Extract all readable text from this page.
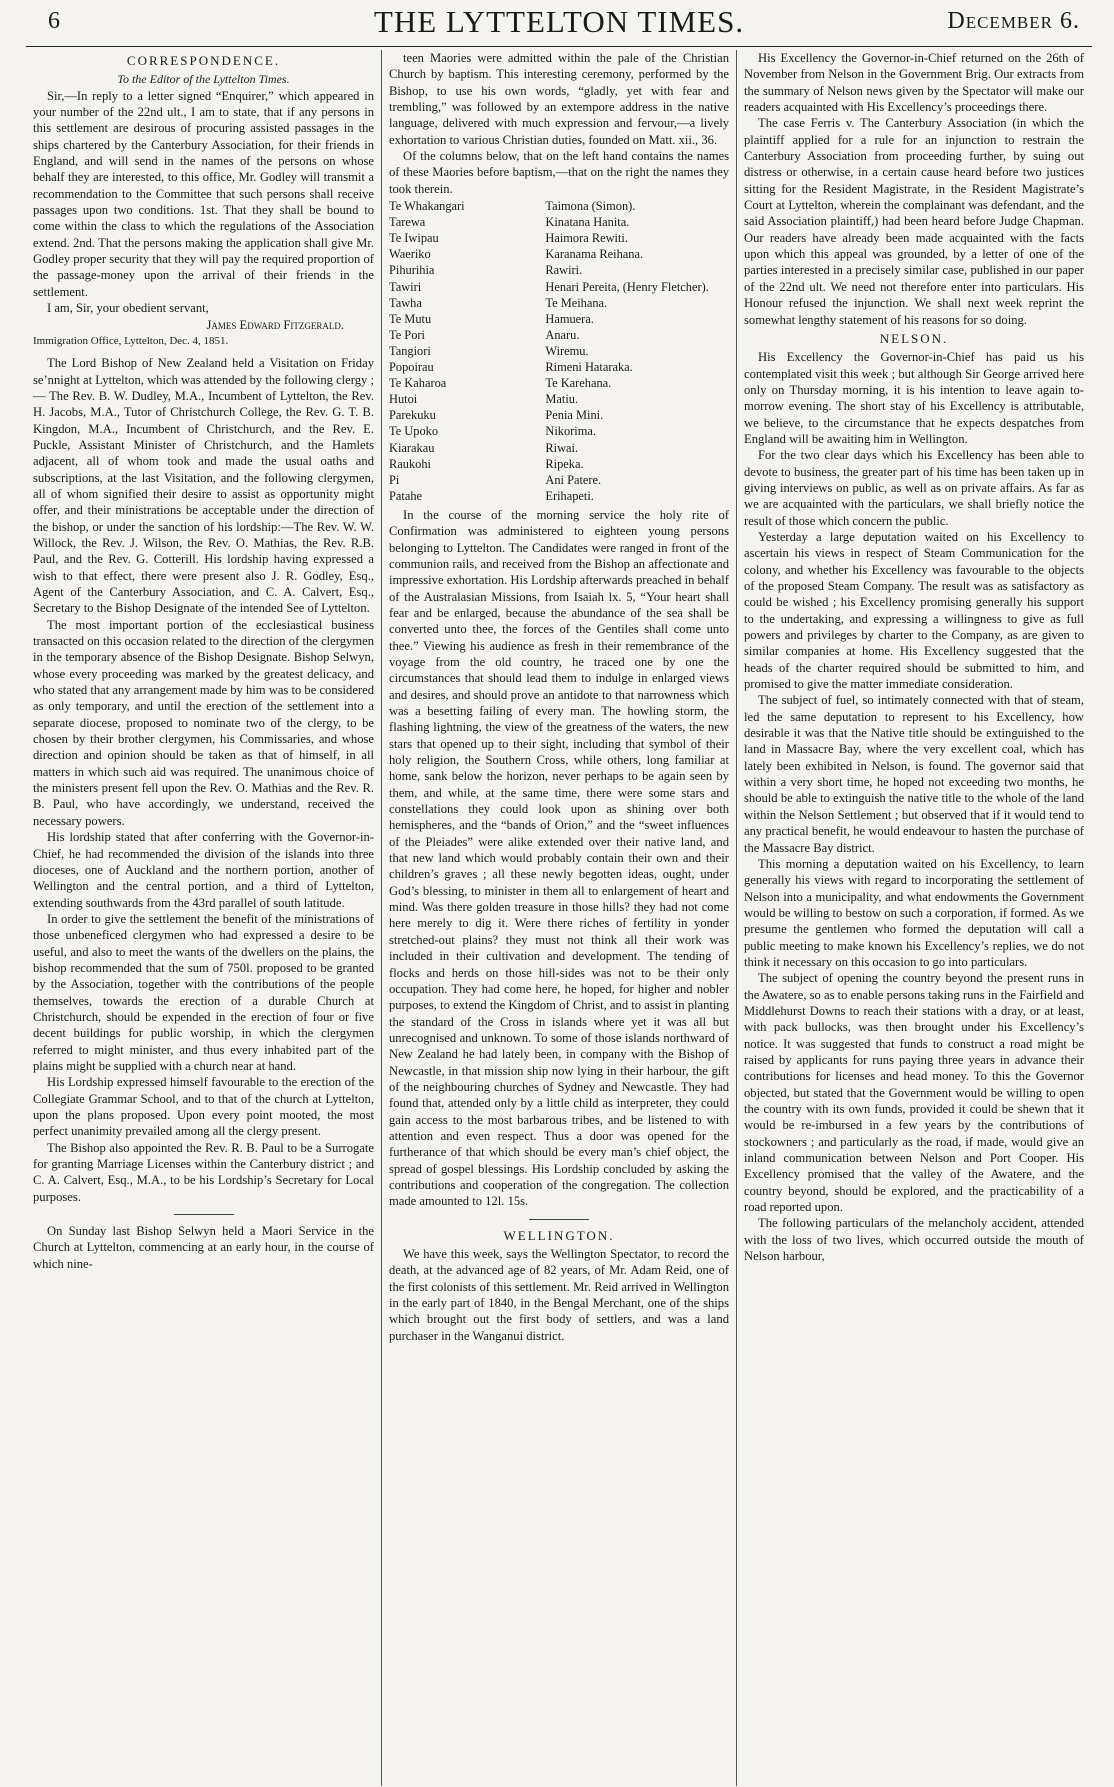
6	THE LYTTELTON TIMES.	December 6.
CORRESPONDENCE.
To the Editor of the Lyttelton Times.

Sir,—In reply to a letter signed “Enquirer,” which appeared in your number of the 22nd ult., I am to state, that if any persons in this settlement are desirous of procuring assisted passages in the ships chartered by the Canterbury Association, for their friends in England, and will send in the names of the persons on whose behalf they are interested, to this office, Mr. Godley will transmit a recommendation to the Committee that such persons shall receive passages upon two conditions. 1st. That they shall be bound to come within the class to which the regulations of the Association extend. 2nd. That the persons making the application shall give Mr. Godley proper security that they will pay the required proportion of the passage-money upon the arrival of their friends in the settlement.

I am, Sir, your obedient servant,

James Edward Fitzgerald.

Immigration Office, Lyttelton, Dec. 4, 1851.

The Lord Bishop of New Zealand held a Visitation on Friday se’nnight at Lyttelton, which was attended by the following clergy ;— The Rev. B. W. Dudley, M.A., Incumbent of Lyttelton, the Rev. H. Jacobs, M.A., Tutor of Christchurch College, the Rev. G. T. B. Kingdon, M.A., Incumbent of Christchurch, and the Rev. E. Puckle, Assistant Minister of Christchurch, and the Hamlets adjacent, all of whom took and made the usual oaths and subscriptions, at the last Visitation, and the following clergymen, all of whom signified their desire to assist as opportunity might offer, and their ministrations be acceptable under the direction of the bishop, or under the sanction of his lordship:—The Rev. W. W. Willock, the Rev. J. Wilson, the Rev. O. Mathias, the Rev. R.B. Paul, and the Rev. G. Cotterill. His lordship having expressed a wish to that effect, there were present also J. R. Godley, Esq., Agent of the Canterbury Association, and C. A. Calvert, Esq., Secretary to the Bishop Designate of the intended See of Lyttelton.

The most important portion of the ecclesiastical business transacted on this occasion related to the direction of the clergymen in the temporary absence of the Bishop Designate. Bishop Selwyn, whose every proceeding was marked by the greatest delicacy, and who stated that any arrangement made by him was to be considered as only temporary, and until the erection of the settlement into a separate diocese, proposed to nominate two of the clergy, to be chosen by their brother clergymen, his Commissaries, and whose direction and opinion should be taken as that of himself, in all matters in which such aid was required. The unanimous choice of the ministers present fell upon the Rev. O. Mathias and the Rev. R. B. Paul, who have accordingly, we understand, received the necessary powers.

His lordship stated that after conferring with the Governor-in-Chief, he had recommended the division of the islands into three dioceses, one of Auckland and the northern portion, another of Wellington and the central portion, and a third of Lyttelton, extending southwards from the 43rd parallel of south latitude.

In order to give the settlement the benefit of the ministrations of those unbeneficed clergymen who had expressed a desire to be useful, and also to meet the wants of the dwellers on the plains, the bishop recommended that the sum of 750l. proposed to be granted by the Association, together with the contributions of the people themselves, towards the erection of a durable Church at Christchurch, should be expended in the erection of four or five decent buildings for public worship, in which the clergymen referred to might minister, and thus every inhabited part of the plains might be supplied with a church near at hand.

His Lordship expressed himself favourable to the erection of the Collegiate Grammar School, and to that of the church at Lyttelton, upon the plans proposed. Upon every point mooted, the most perfect unanimity prevailed among all the clergy present.

The Bishop also appointed the Rev. R. B. Paul to be a Surrogate for granting Marriage Licenses within the Canterbury district ; and C. A. Calvert, Esq., M.A., to be his Lordship’s Secretary for Local purposes.

On Sunday last Bishop Selwyn held a Maori Service in the Church at Lyttelton, commencing at an early hour, in the course of which nine-

teen Maories were admitted within the pale of the Christian Church by baptism. This interesting ceremony, performed by the Bishop, to use his own words, “gladly, yet with fear and trembling,” was followed by an extempore address in the native language, delivered with much expression and fervour,—a lively exhortation to various Christian duties, founded on Matt. xii., 36.

Of the columns below, that on the left hand contains the names of these Maories before baptism,—that on the right the names they took therein.

Te Whakangari	Taimona (Simon).
Tarewa	Kinatana Hanita.
Te Iwipau	Haimora Rewiti.
Waeriko	Karanama Reihana.
Pihurihia	Rawiri.
Tawiri	Henari Pereita, (Henry Fletcher).
Tawha	Te Meihana.
Te Mutu	Hamuera.
Te Pori	Anaru.
Tangiori	Wiremu.
Popoirau	Rimeni Hataraka.
Te Kaharoa	Te Karehana.
Hutoi	Matiu.
Parekuku	Penia Mini.
Te Upoko	Nikorima.
Kiarakau	Riwai.
Raukohi	Ripeka.
Pi	Ani Patere.
Patahe	Erihapeti.

In the course of the morning service the holy rite of Confirmation was administered to eighteen young persons belonging to Lyttelton. The Candidates were ranged in front of the communion rails, and received from the Bishop an affectionate and impressive exhortation. His Lordship afterwards preached in behalf of the Australasian Missions, from Isaiah lx. 5, “Your heart shall fear and be enlarged, because the abundance of the sea shall be converted unto thee, the forces of the Gentiles shall come unto thee.” Viewing his audience as fresh in their remembrance of the voyage from the old country, he traced one by one the circumstances that should lead them to indulge in enlarged views and desires, and should prove an antidote to that narrowness which was a besetting failing of every man. The howling storm, the flashing lightning, the view of the greatness of the waters, the new stars that opened up to their sight, including that symbol of their holy religion, the Southern Cross, while others, long familiar at home, sank below the horizon, never perhaps to be again seen by them, and while, at the same time, there were some stars and constellations they could look upon as shining over both hemispheres, and the “bands of Orion,” and the “sweet influences of the Pleiades” were alike extended over their native land, and that new land which would probably contain their own and their children’s graves ; all these newly begotten ideas, ought, under God’s blessing, to minister in them all to enlargement of heart and mind. Was there golden treasure in those hills? they had not come here merely to dig it. Were there riches of fertility in yonder stretched-out plains? they must not think all their work was included in their cultivation and development. The tending of flocks and herds on those hill-sides was not to be their only occupation. They had come here, he hoped, for higher and nobler purposes, to extend the Kingdom of Christ, and to assist in planting the standard of the Cross in islands where yet it was all but unrecognised and unknown. To some of those islands northward of New Zealand he had lately been, in company with the Bishop of Newcastle, in that mission ship now lying in their harbour, the gift of the neighbouring churches of Sydney and Newcastle. They had found that, attended only by a little child as interpreter, they could gain access to the most barbarous tribes, and be listened to with attention and even respect. Thus a door was opened for the furtherance of that which should be every man’s chief object, the spread of gospel blessings. His Lordship concluded by asking the contributions and cooperation of the congregation. The collection made amounted to 12l. 15s.

WELLINGTON.

We have this week, says the Wellington Spectator, to record the death, at the advanced age of 82 years, of Mr. Adam Reid, one of the first colonists of this settlement. Mr. Reid arrived in Wellington in the early part of 1840, in the Bengal Merchant, one of the ships which brought out the first body of settlers, and was a land purchaser in the Wanganui district.

His Excellency the Governor-in-Chief returned on the 26th of November from Nelson in the Government Brig. Our extracts from the summary of Nelson news given by the Spectator will make our readers acquainted with His Excellency’s proceedings there.

The case Ferris v. The Canterbury Association (in which the plaintiff applied for a rule for an injunction to restrain the Canterbury Association from proceeding further, by suing out distress or otherwise, in a certain cause heard before two justices sitting for the Resident Magistrate, in the Resident Magistrate’s Court at Lyttelton, wherein the complainant was defendant, and the said Association plaintiff,) had been heard before Judge Chapman. Our readers have already been made acquainted with the facts upon which this appeal was grounded, by a letter of one of the parties interested in a precisely similar case, published in our paper of the 22nd ult. We need not therefore enter into particulars. His Honour refused the injunction. We shall next week reprint the somewhat lengthy statement of his reasons for so doing.

NELSON.

His Excellency the Governor-in-Chief has paid us his contemplated visit this week ; but although Sir George arrived here only on Thursday morning, it is his intention to leave again to-morrow evening. The short stay of his Excellency is attributable, we believe, to the circumstance that he expects despatches from England will be awaiting him in Wellington.

For the two clear days which his Excellency has been able to devote to business, the greater part of his time has been taken up in giving interviews on public, as well as on private affairs. As far as we are acquainted with the particulars, we shall briefly notice the result of those which concern the public.

Yesterday a large deputation waited on his Excellency to ascertain his views in respect of Steam Communication for the colony, and whether his Excellency was favourable to the objects of the proposed Steam Company. The result was as satisfactory as could be wished ; his Excellency promising generally his support to the undertaking, and expressing a willingness to give as full powers and privileges by charter to the Company, as are given to similar companies at home. His Excellency suggested that the heads of the charter required should be submitted to him, and promised to give the matter immediate consideration.

The subject of fuel, so intimately connected with that of steam, led the same deputation to represent to his Excellency, how desirable it was that the Native title should be extinguished to the land in Massacre Bay, where the very excellent coal, which has lately been exhibited in Nelson, is found. The governor said that within a very short time, he hoped not exceeding two months, he should be able to extinguish the native title to the whole of the land within the Nelson Settlement ; but observed that if it would tend to any practical benefit, he would endeavour to hasten the purchase of the Massacre Bay district.

This morning a deputation waited on his Excellency, to learn generally his views with regard to incorporating the settlement of Nelson into a municipality, and what endowments the Government would be willing to bestow on such a corporation, if formed. As we presume the gentlemen who formed the deputation will call a public meeting to make known his Excellency’s replies, we do not think it necessary on this occasion to go into particulars.

The subject of opening the country beyond the present runs in the Awatere, so as to enable persons taking runs in the Fairfield and Middlehurst Downs to reach their stations with a dray, or at least, with pack bullocks, was then brought under his Excellency’s notice. It was suggested that funds to construct a road might be raised by applicants for runs paying three years in advance their contributions for licenses and head money. To this the Governor objected, but stated that the Government would be willing to open the country with its own funds, provided it could be shewn that it would be re-imbursed in a few years by the contributions of stockowners ; and particularly as the road, if made, would give an inland communication between Nelson and Port Cooper. His Excellency promised that the valley of the Awatere, and the country beyond, should be explored, and the practicability of a road reported upon.

The following particulars of the melancholy accident, attended with the loss of two lives, which occurred outside the mouth of Nelson harbour,
